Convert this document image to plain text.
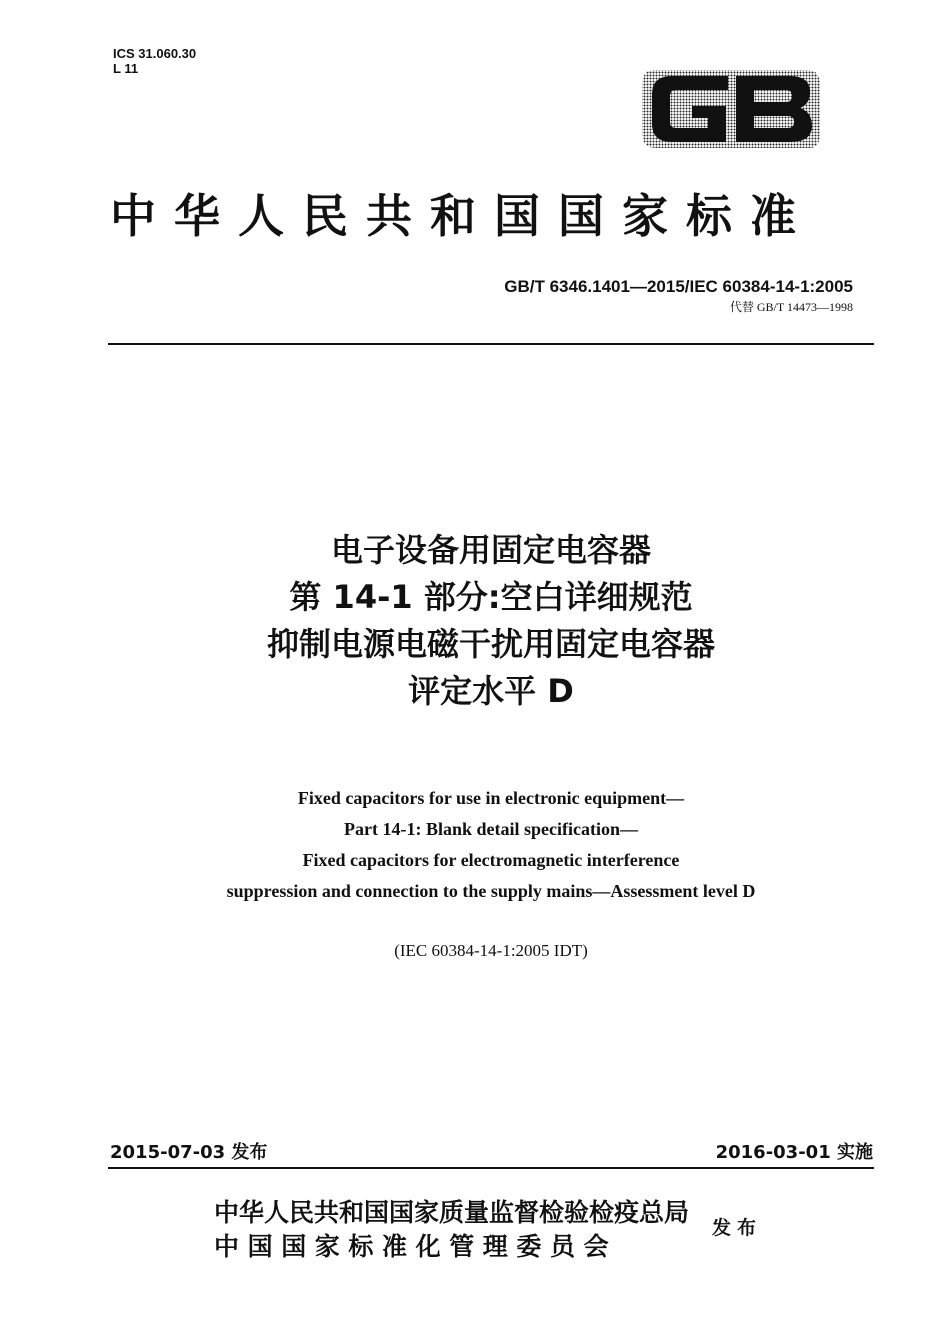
ICS 31.060.30
L 11
中华人民共和国国家标准
GB/T 6346.1401—2015/IEC 60384-14-1:2005
代替 GB/T 14473—1998
电子设备用固定电容器
第 14-1 部分:空白详细规范
抑制电源电磁干扰用固定电容器
评定水平 D
Fixed capacitors for use in electronic equipment—
Part 14-1: Blank detail specification—
Fixed capacitors for electromagnetic interference
suppression and connection to the supply mains—Assessment level D
(IEC 60384-14-1:2005 IDT)
2015-07-03 发布	2016-03-01 实施
中华人民共和国国家质量监督检验检疫总局
中国国家标准化管理委员会
发布
